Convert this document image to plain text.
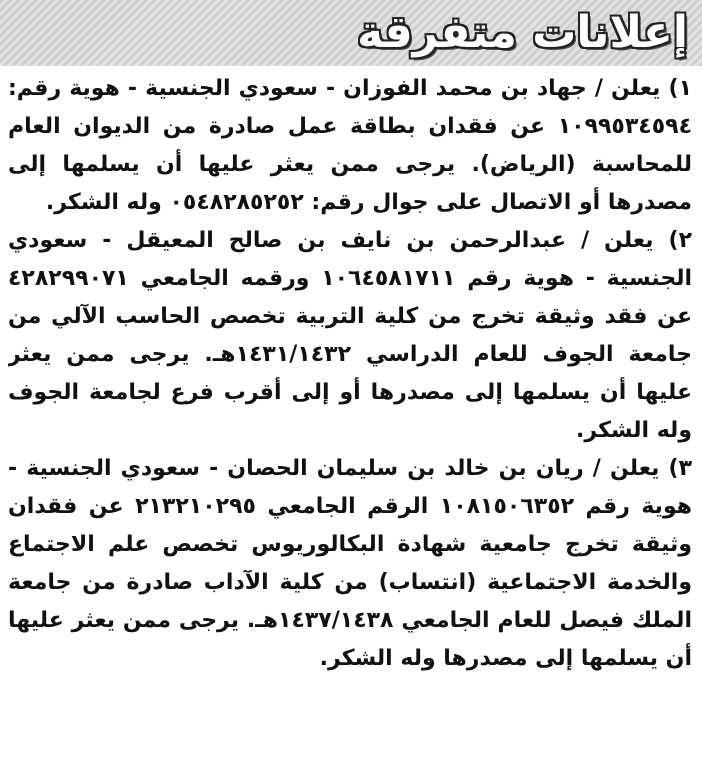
إعلانات متفرقة

١) يعلن / جهاد بن محمد الفوزان - سعودي الجنسية - هوية رقم: ١٠٩٩٥٣٤٥٩٤ عن فقدان بطاقة عمل صادرة من الديوان العام للمحاسبة (الرياض). يرجى ممن يعثر عليها أن يسلمها إلى مصدرها أو الاتصال على جوال رقم: ٠٥٤٨٢٨٥٢٥٢ وله الشكر.

٢) يعلن / عبدالرحمن بن نايف بن صالح المعيقل - سعودي الجنسية - هوية رقم ١٠٦٤٥٨١٧١١ ورقمه الجامعي ٤٢٨٢٩٩٠٧١ عن فقد وثيقة تخرج من كلية التربية تخصص الحاسب الآلي من جامعة الجوف للعام الدراسي ١٤٣١/١٤٣٢هـ. يرجى ممن يعثر عليها أن يسلمها إلى مصدرها أو إلى أقرب فرع لجامعة الجوف وله الشكر.

٣) يعلن / ريان بن خالد بن سليمان الحصان - سعودي الجنسية - هوية رقم ١٠٨١٥٠٦٣٥٢ الرقم الجامعي ٢١٣٢١٠٢٩٥ عن فقدان وثيقة تخرج جامعية شهادة البكالوريوس تخصص علم الاجتماع والخدمة الاجتماعية (انتساب) من كلية الآداب صادرة من جامعة الملك فيصل للعام الجامعي ١٤٣٧/١٤٣٨هـ. يرجى ممن يعثر عليها أن يسلمها إلى مصدرها وله الشكر.
